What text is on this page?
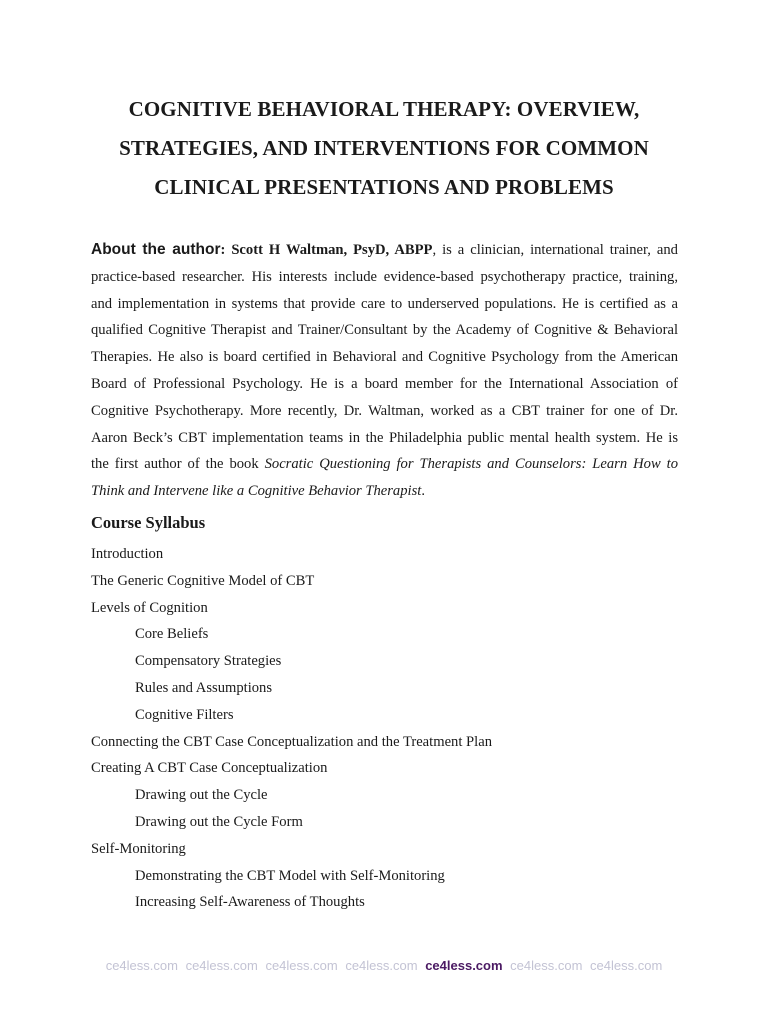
COGNITIVE BEHAVIORAL THERAPY: OVERVIEW,
STRATEGIES, AND INTERVENTIONS FOR COMMON
CLINICAL PRESENTATIONS AND PROBLEMS
About the author: Scott H Waltman, PsyD, ABPP, is a clinician, international trainer, and
practice-based researcher. His interests include evidence-based psychotherapy practice, training,
and implementation in systems that provide care to underserved populations. He is certified as a
qualified Cognitive Therapist and Trainer/Consultant by the Academy of Cognitive & Behavioral
Therapies. He also is board certified in Behavioral and Cognitive Psychology from the American
Board of Professional Psychology. He is a board member for the International Association of
Cognitive Psychotherapy. More recently, Dr. Waltman, worked as a CBT trainer for one of Dr.
Aaron Beck’s CBT implementation teams in the Philadelphia public mental health system. He is
the first author of the book Socratic Questioning for Therapists and Counselors: Learn How to
Think and Intervene like a Cognitive Behavior Therapist.
Course Syllabus
Introduction
The Generic Cognitive Model of CBT
Levels of Cognition
Core Beliefs
Compensatory Strategies
Rules and Assumptions
Cognitive Filters
Connecting the CBT Case Conceptualization and the Treatment Plan
Creating A CBT Case Conceptualization
Drawing out the Cycle
Drawing out the Cycle Form
Self-Monitoring
Demonstrating the CBT Model with Self-Monitoring
Increasing Self-Awareness of Thoughts
ce4less.com ce4less.com ce4less.com ce4less.com ce4less.com ce4less.com ce4less.com
